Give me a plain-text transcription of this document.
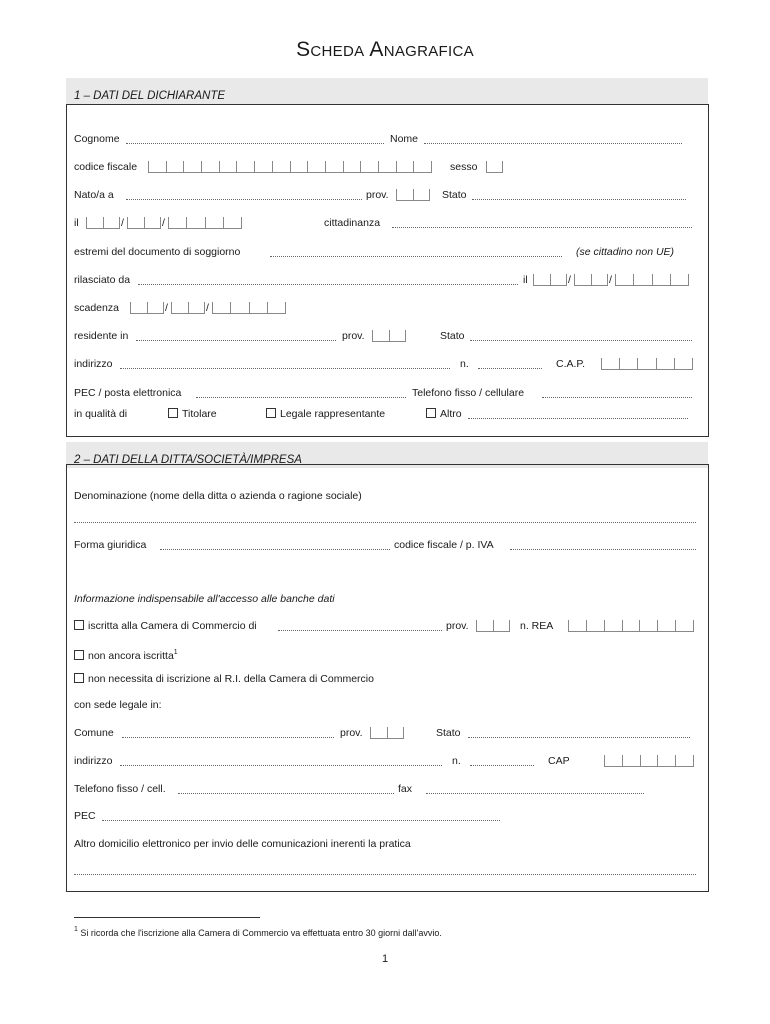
Scheda Anagrafica
1 – DATI DEL DICHIARANTE
Cognome	Nome
codice fiscale	sesso
Nato/a a	prov.	Stato
il	/	/	cittadinanza
estremi del documento di soggiorno	(se cittadino non UE)
rilasciato da	il	/	/
scadenza	/	/
residente in	prov.	Stato
indirizzo	n.	C.A.P.
PEC / posta elettronica	Telefono fisso / cellulare
in qualità di	Titolare	Legale rappresentante	Altro
2 – DATI DELLA DITTA/SOCIETÀ/IMPRESA
Denominazione (nome della ditta o azienda o ragione sociale)
Forma giuridica	codice fiscale / p. IVA
Informazione indispensabile all'accesso alle banche dati
iscritta alla Camera di Commercio di	prov.	n. REA
non ancora iscritta$^1$
non necessita di iscrizione al R.I. della Camera di Commercio
con sede legale in:
Comune	prov.	Stato
indirizzo	n.	CAP
Telefono fisso / cell.	fax
PEC
Altro domicilio elettronico per invio delle comunicazioni inerenti la pratica
$^1$ Si ricorda che l'iscrizione alla Camera di Commercio va effettuata entro 30 giorni dall'avvio.
1
